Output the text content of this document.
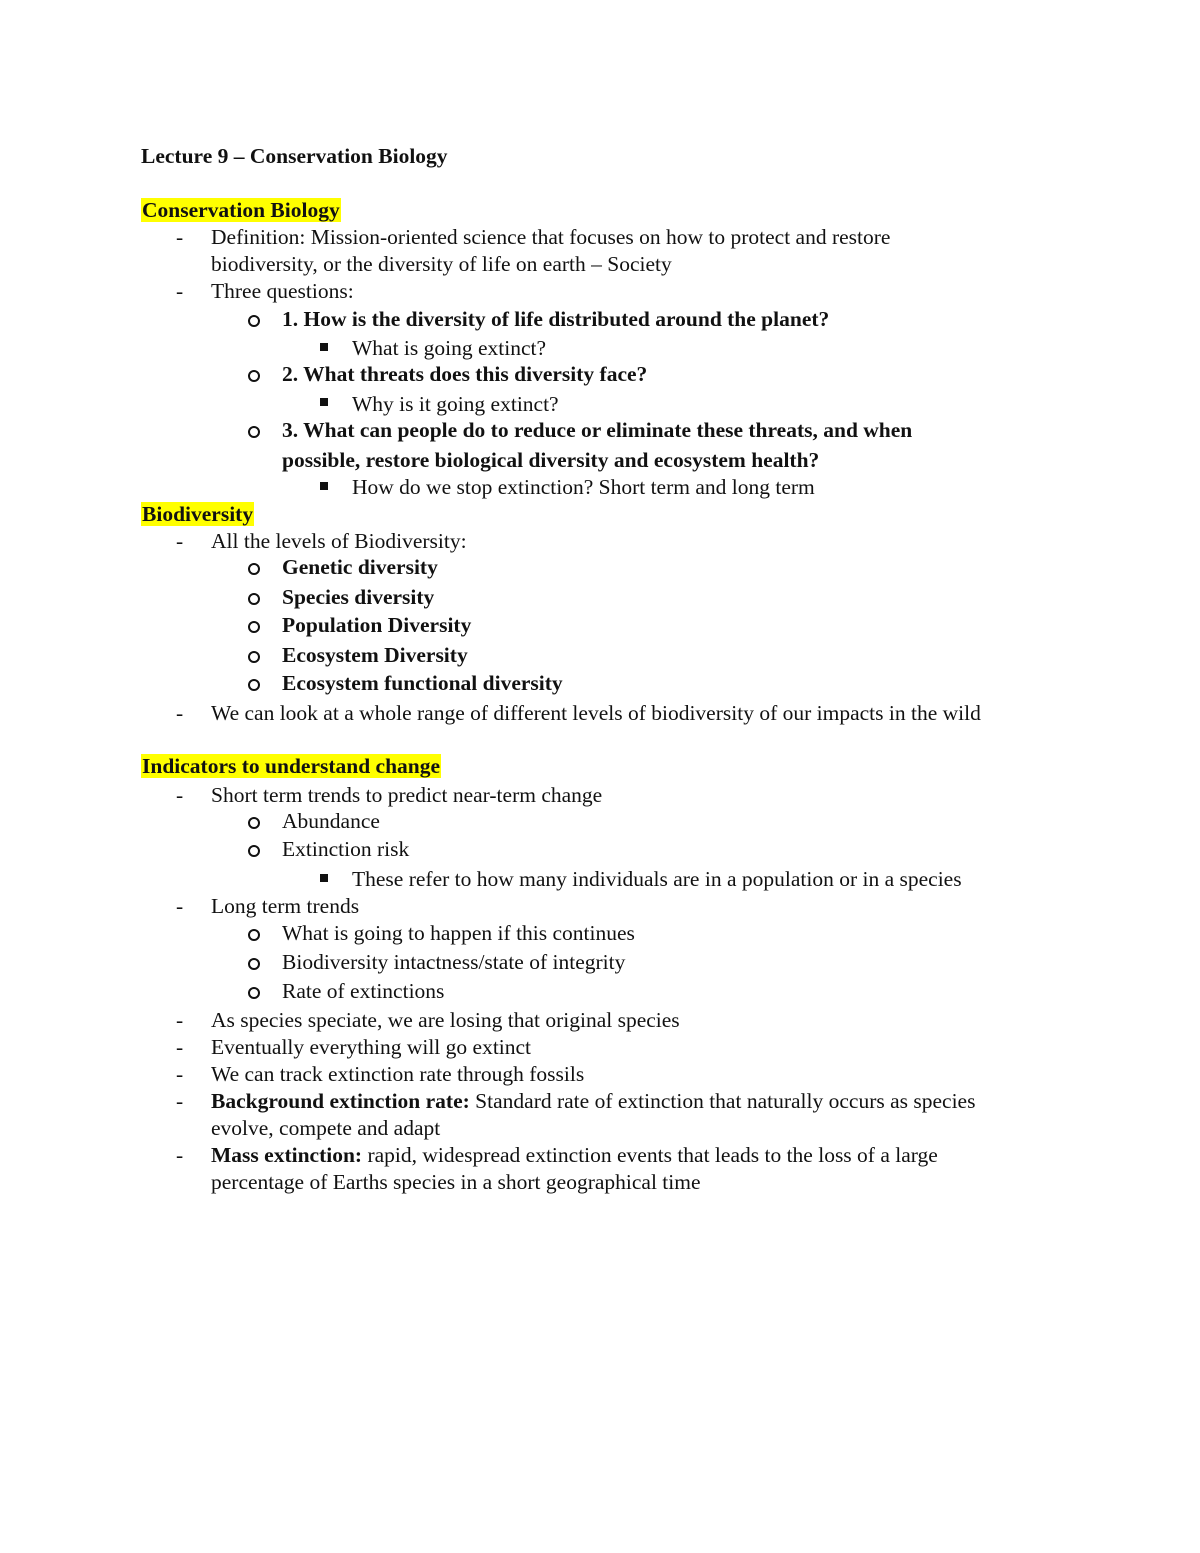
Lecture 9 – Conservation Biology
Conservation Biology
- Definition: Mission-oriented science that focuses on how to protect and restore
biodiversity, or the diversity of life on earth – Society
- Three questions:
1. How is the diversity of life distributed around the planet?
What is going extinct?
2. What threats does this diversity face?
Why is it going extinct?
3. What can people do to reduce or eliminate these threats, and when
possible, restore biological diversity and ecosystem health?
How do we stop extinction? Short term and long term
Biodiversity
- All the levels of Biodiversity:
Genetic diversity
Species diversity
Population Diversity
Ecosystem Diversity
Ecosystem functional diversity
- We can look at a whole range of different levels of biodiversity of our impacts in the wild
Indicators to understand change
- Short term trends to predict near-term change
Abundance
Extinction risk
These refer to how many individuals are in a population or in a species
- Long term trends
What is going to happen if this continues
Biodiversity intactness/state of integrity
Rate of extinctions
- As species speciate, we are losing that original species
- Eventually everything will go extinct
- We can track extinction rate through fossils
- Background extinction rate: Standard rate of extinction that naturally occurs as species
evolve, compete and adapt
- Mass extinction: rapid, widespread extinction events that leads to the loss of a large
percentage of Earths species in a short geographical time
